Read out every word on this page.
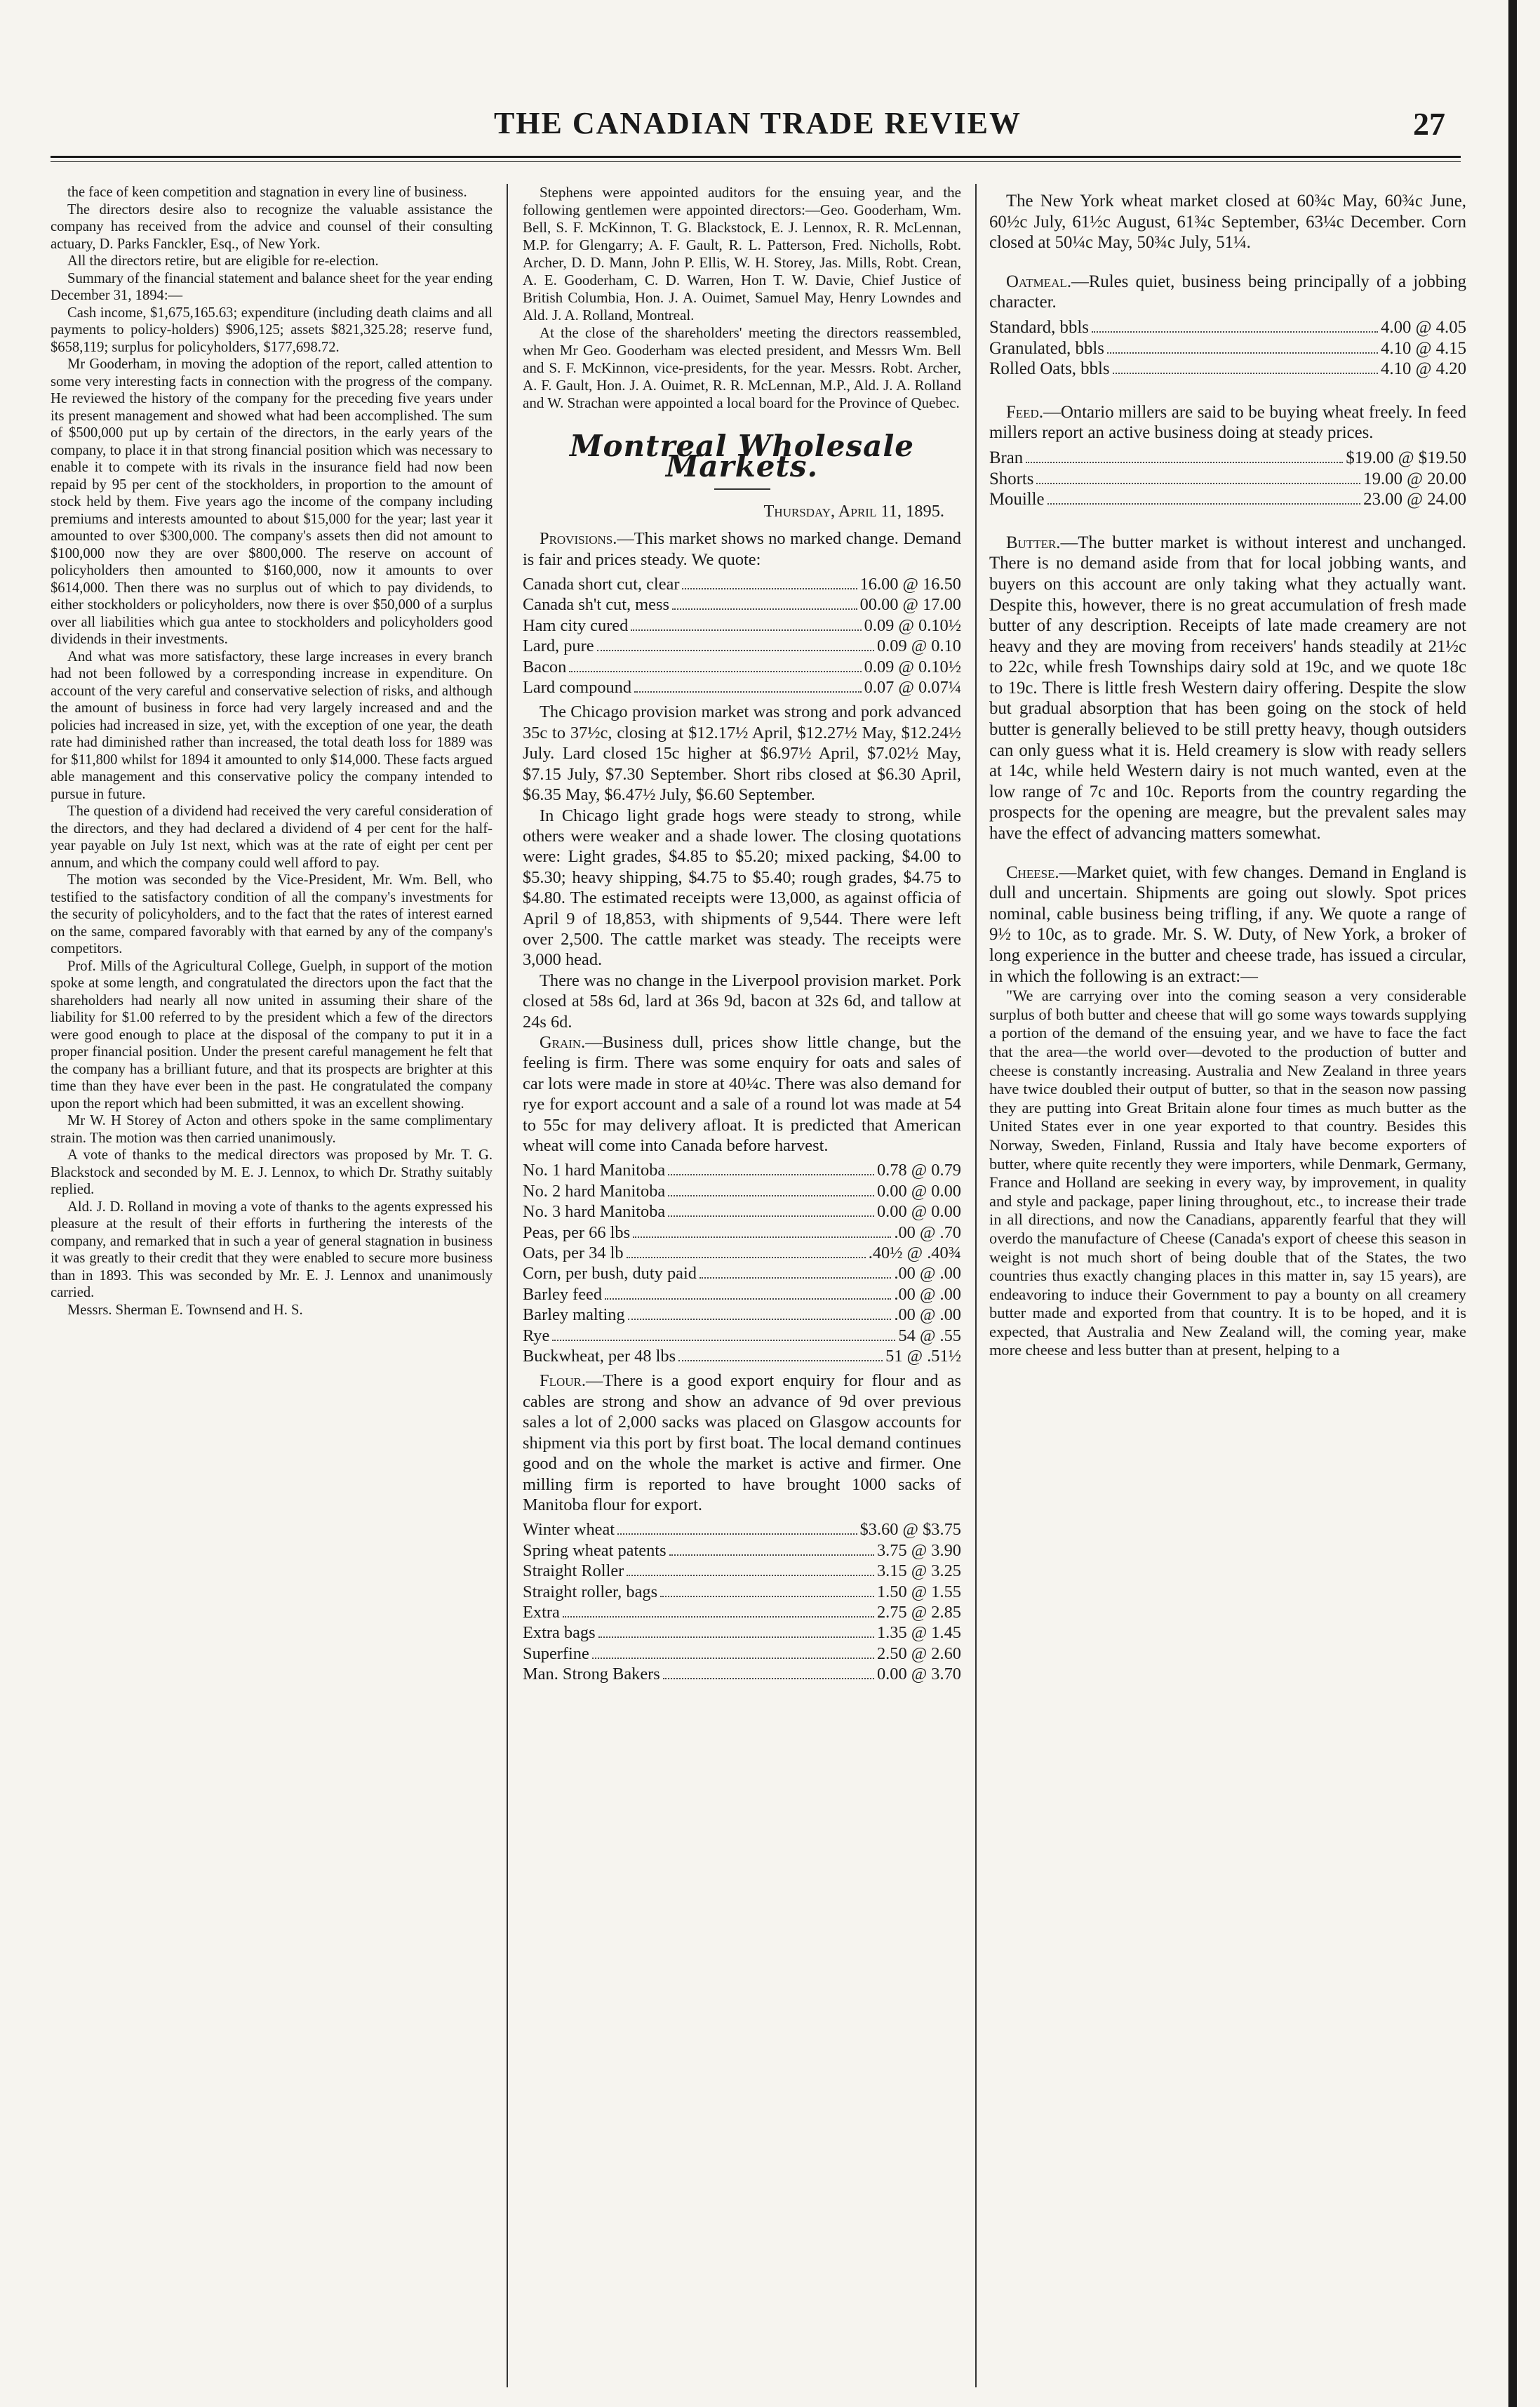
THE CANADIAN TRADE REVIEW	27

the face of keen competition and stagnation in every line of business.

The directors desire also to recognize the valuable assistance the company has received from the advice and counsel of their consulting actuary, D. Parks Fanckler, Esq., of New York.

All the directors retire, but are eligible for re-election.

Summary of the financial statement and balance sheet for the year ending December 31, 1894:—

Cash income, $1,675,165.63; expenditure (including death claims and all payments to policy-holders) $906,125; assets $821,325.28; reserve fund, $658,119; surplus for policyholders, $177,698.72.

Mr Gooderham, in moving the adoption of the report, called attention to some very interesting facts in connection with the progress of the company. He reviewed the history of the company for the preceding five years under its present management and showed what had been accomplished. The sum of $500,000 put up by certain of the directors, in the early years of the company, to place it in that strong financial position which was necessary to enable it to compete with its rivals in the insurance field had now been repaid by 95 per cent of the stockholders, in proportion to the amount of stock held by them. Five years ago the income of the company including premiums and interests amounted to about $15,000 for the year; last year it amounted to over $300,000. The company's assets then did not amount to $100,000 now they are over $800,000. The reserve on account of policyholders then amounted to $160,000, now it amounts to over $614,000. Then there was no surplus out of which to pay dividends, to either stockholders or policyholders, now there is over $50,000 of a surplus over all liabilities which gua antee to stockholders and policyholders good dividends in their investments.

And what was more satisfactory, these large increases in every branch had not been followed by a corresponding increase in expenditure. On account of the very careful and conservative selection of risks, and although the amount of business in force had very largely increased and and the policies had increased in size, yet, with the exception of one year, the death rate had diminished rather than increased, the total death loss for 1889 was for $11,800 whilst for 1894 it amounted to only $14,000. These facts argued able management and this conservative policy the company intended to pursue in future.

The question of a dividend had received the very careful consideration of the directors, and they had declared a dividend of 4 per cent for the half-year payable on July 1st next, which was at the rate of eight per cent per annum, and which the company could well afford to pay.

The motion was seconded by the Vice-President, Mr. Wm. Bell, who testified to the satisfactory condition of all the company's investments for the security of policyholders, and to the fact that the rates of interest earned on the same, compared favorably with that earned by any of the company's competitors.

Prof. Mills of the Agricultural College, Guelph, in support of the motion spoke at some length, and congratulated the directors upon the fact that the shareholders had nearly all now united in assuming their share of the liability for $1.00 referred to by the president which a few of the directors were good enough to place at the disposal of the company to put it in a proper financial position. Under the present careful management he felt that the company has a brilliant future, and that its prospects are brighter at this time than they have ever been in the past. He congratulated the company upon the report which had been submitted, it was an excellent showing.

Mr W. H Storey of Acton and others spoke in the same complimentary strain. The motion was then carried unanimously.

A vote of thanks to the medical directors was proposed by Mr. T. G. Blackstock and seconded by M. E. J. Lennox, to which Dr. Strathy suitably replied.

Ald. J. D. Rolland in moving a vote of thanks to the agents expressed his pleasure at the result of their efforts in furthering the interests of the company, and remarked that in such a year of general stagnation in business it was greatly to their credit that they were enabled to secure more business than in 1893. This was seconded by Mr. E. J. Lennox and unanimously carried.

Messrs. Sherman E. Townsend and H. S.

Stephens were appointed auditors for the ensuing year, and the following gentlemen were appointed directors:—Geo. Gooderham, Wm. Bell, S. F. McKinnon, T. G. Blackstock, E. J. Lennox, R. R. McLennan, M.P. for Glengarry; A. F. Gault, R. L. Patterson, Fred. Nicholls, Robt. Archer, D. D. Mann, John P. Ellis, W. H. Storey, Jas. Mills, Robt. Crean, A. E. Gooderham, C. D. Warren, Hon T. W. Davie, Chief Justice of British Columbia, Hon. J. A. Ouimet, Samuel May, Henry Lowndes and Ald. J. A. Rolland, Montreal.

At the close of the shareholders' meeting the directors reassembled, when Mr Geo. Gooderham was elected president, and Messrs Wm. Bell and S. F. McKinnon, vice-presidents, for the year. Messrs. Robt. Archer, A. F. Gault, Hon. J. A. Ouimet, R. R. McLennan, M.P., Ald. J. A. Rolland and W. Strachan were appointed a local board for the Province of Quebec.

Montreal Wholesale Markets.
Thursday, April 11, 1895.

Provisions.—This market shows no marked change. Demand is fair and prices steady. We quote:

Canada short cut, clear	16.00 @ 16.50
Canada sh't cut, mess	00.00 @ 17.00
Ham city cured	0.09 @ 0.10½
Lard, pure	0.09 @ 0.10
Bacon	0.09 @ 0.10½
Lard compound	0.07 @ 0.07¼

The Chicago provision market was strong and pork advanced 35c to 37½c, closing at $12.17½ April, $12.27½ May, $12.24½ July. Lard closed 15c higher at $6.97½ April, $7.02½ May, $7.15 July, $7.30 September. Short ribs closed at $6.30 April, $6.35 May, $6.47½ July, $6.60 September.

In Chicago light grade hogs were steady to strong, while others were weaker and a shade lower. The closing quotations were: Light grades, $4.85 to $5.20; mixed packing, $4.00 to $5.30; heavy shipping, $4.75 to $5.40; rough grades, $4.75 to $4.80. The estimated receipts were 13,000, as against officia of April 9 of 18,853, with shipments of 9,544. There were left over 2,500. The cattle market was steady. The receipts were 3,000 head.

There was no change in the Liverpool provision market. Pork closed at 58s 6d, lard at 36s 9d, bacon at 32s 6d, and tallow at 24s 6d.

Grain.—Business dull, prices show little change, but the feeling is firm. There was some enquiry for oats and sales of car lots were made in store at 40¼c. There was also demand for rye for export account and a sale of a round lot was made at 54 to 55c for may delivery afloat. It is predicted that American wheat will come into Canada before harvest.

No. 1 hard Manitoba	0.78 @ 0.79
No. 2 hard Manitoba	0.00 @ 0.00
No. 3 hard Manitoba	0.00 @ 0.00
Peas, per 66 lbs	.00 @ .70
Oats, per 34 lb	.40½ @ .40¾
Corn, per bush, duty paid	.00 @ .00
Barley feed	.00 @ .00
Barley malting	.00 @ .00
Rye	54 @ .55
Buckwheat, per 48 lbs	51 @ .51½

Flour.—There is a good export enquiry for flour and as cables are strong and show an advance of 9d over previous sales a lot of 2,000 sacks was placed on Glasgow accounts for shipment via this port by first boat. The local demand continues good and on the whole the market is active and firmer. One milling firm is reported to have brought 1000 sacks of Manitoba flour for export.

Winter wheat	$3.60 @ $3.75
Spring wheat patents	3.75 @ 3.90
Straight Roller	3.15 @ 3.25
Straight roller, bags	1.50 @ 1.55
Extra	2.75 @ 2.85
Extra bags	1.35 @ 1.45
Superfine	2.50 @ 2.60
Man. Strong Bakers	0.00 @ 3.70

The New York wheat market closed at 60¾c May, 60¾c June, 60½c July, 61½c August, 61¾c September, 63¼c December. Corn closed at 50¼c May, 50¾c July, 51¼.

Oatmeal.—Rules quiet, business being principally of a jobbing character.

Standard, bbls	4.00 @ 4.05
Granulated, bbls	4.10 @ 4.15
Rolled Oats, bbls	4.10 @ 4.20

Feed.—Ontario millers are said to be buying wheat freely. In feed millers report an active business doing at steady prices.

Bran	$19.00 @ $19.50
Shorts	19.00 @ 20.00
Mouille	23.00 @ 24.00

Butter.—The butter market is without interest and unchanged. There is no demand aside from that for local jobbing wants, and buyers on this account are only taking what they actually want. Despite this, however, there is no great accumulation of fresh made butter of any description. Receipts of late made creamery are not heavy and they are moving from receivers' hands steadily at 21½c to 22c, while fresh Townships dairy sold at 19c, and we quote 18c to 19c. There is little fresh Western dairy offering. Despite the slow but gradual absorption that has been going on the stock of held butter is generally believed to be still pretty heavy, though outsiders can only guess what it is. Held creamery is slow with ready sellers at 14c, while held Western dairy is not much wanted, even at the low range of 7c and 10c. Reports from the country regarding the prospects for the opening are meagre, but the prevalent sales may have the effect of advancing matters somewhat.

Cheese.—Market quiet, with few changes. Demand in England is dull and uncertain. Shipments are going out slowly. Spot prices nominal, cable business being trifling, if any. We quote a range of 9½ to 10c, as to grade. Mr. S. W. Duty, of New York, a broker of long experience in the butter and cheese trade, has issued a circular, in which the following is an extract:—

"We are carrying over into the coming season a very considerable surplus of both butter and cheese that will go some ways towards supplying a portion of the demand of the ensuing year, and we have to face the fact that the area—the world over—devoted to the production of butter and cheese is constantly increasing. Australia and New Zealand in three years have twice doubled their output of butter, so that in the season now passing they are putting into Great Britain alone four times as much butter as the United States ever in one year exported to that country. Besides this Norway, Sweden, Finland, Russia and Italy have become exporters of butter, where quite recently they were importers, while Denmark, Germany, France and Holland are seeking in every way, by improvement, in quality and style and package, paper lining throughout, etc., to increase their trade in all directions, and now the Canadians, apparently fearful that they will overdo the manufacture of Cheese (Canada's export of cheese this season in weight is not much short of being double that of the States, the two countries thus exactly changing places in this matter in, say 15 years), are endeavoring to induce their Government to pay a bounty on all creamery butter made and exported from that country. It is to be hoped, and it is expected, that Australia and New Zealand will, the coming year, make more cheese and less butter than at present, helping to a
